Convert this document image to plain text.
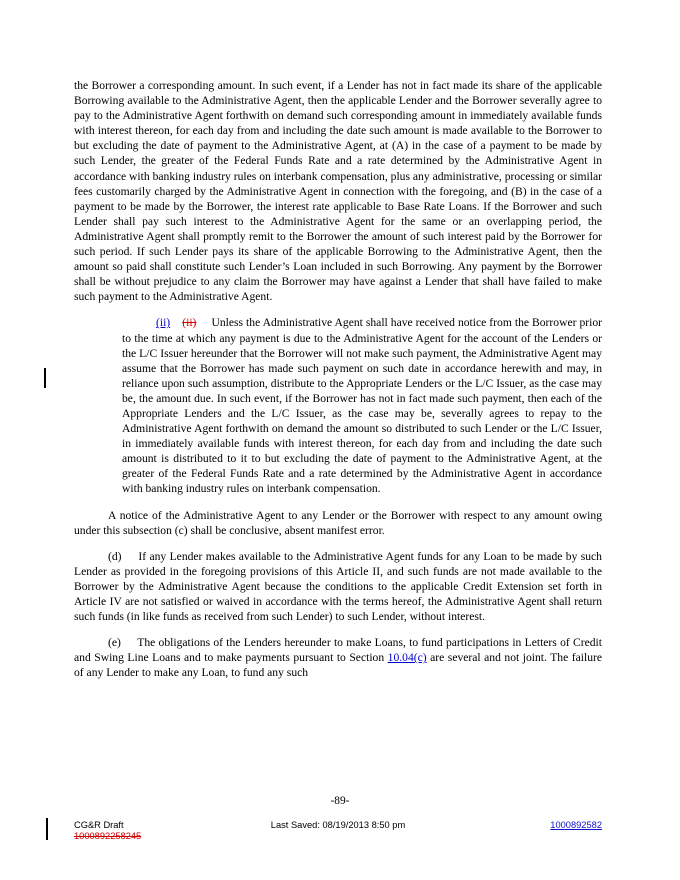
the Borrower a corresponding amount. In such event, if a Lender has not in fact made its share of the applicable Borrowing available to the Administrative Agent, then the applicable Lender and the Borrower severally agree to pay to the Administrative Agent forthwith on demand such corresponding amount in immediately available funds with interest thereon, for each day from and including the date such amount is made available to the Borrower to but excluding the date of payment to the Administrative Agent, at (A) in the case of a payment to be made by such Lender, the greater of the Federal Funds Rate and a rate determined by the Administrative Agent in accordance with banking industry rules on interbank compensation, plus any administrative, processing or similar fees customarily charged by the Administrative Agent in connection with the foregoing, and (B) in the case of a payment to be made by the Borrower, the interest rate applicable to Base Rate Loans. If the Borrower and such Lender shall pay such interest to the Administrative Agent for the same or an overlapping period, the Administrative Agent shall promptly remit to the Borrower the amount of such interest paid by the Borrower for such period. If such Lender pays its share of the applicable Borrowing to the Administrative Agent, then the amount so paid shall constitute such Lender’s Loan included in such Borrowing. Any payment by the Borrower shall be without prejudice to any claim the Borrower may have against a Lender that shall have failed to make such payment to the Administrative Agent.

(ii) (ii) Unless the Administrative Agent shall have received notice from the Borrower prior to the time at which any payment is due to the Administrative Agent for the account of the Lenders or the L/C Issuer hereunder that the Borrower will not make such payment, the Administrative Agent may assume that the Borrower has made such payment on such date in accordance herewith and may, in reliance upon such assumption, distribute to the Appropriate Lenders or the L/C Issuer, as the case may be, the amount due. In such event, if the Borrower has not in fact made such payment, then each of the Appropriate Lenders and the L/C Issuer, as the case may be, severally agrees to repay to the Administrative Agent forthwith on demand the amount so distributed to such Lender or the L/C Issuer, in immediately available funds with interest thereon, for each day from and including the date such amount is distributed to it to but excluding the date of payment to the Administrative Agent, at the greater of the Federal Funds Rate and a rate determined by the Administrative Agent in accordance with banking industry rules on interbank compensation.

A notice of the Administrative Agent to any Lender or the Borrower with respect to any amount owing under this subsection (c) shall be conclusive, absent manifest error.

(d) If any Lender makes available to the Administrative Agent funds for any Loan to be made by such Lender as provided in the foregoing provisions of this Article II, and such funds are not made available to the Borrower by the Administrative Agent because the conditions to the applicable Credit Extension set forth in Article IV are not satisfied or waived in accordance with the terms hereof, the Administrative Agent shall return such funds (in like funds as received from such Lender) to such Lender, without interest.

(e) The obligations of the Lenders hereunder to make Loans, to fund participations in Letters of Credit and Swing Line Loans and to make payments pursuant to Section 10.04(c) are several and not joint. The failure of any Lender to make any Loan, to fund any such

-89-
CG&R Draft	Last Saved: 08/19/2013 8:50 pm	1000892582
1000892258245
